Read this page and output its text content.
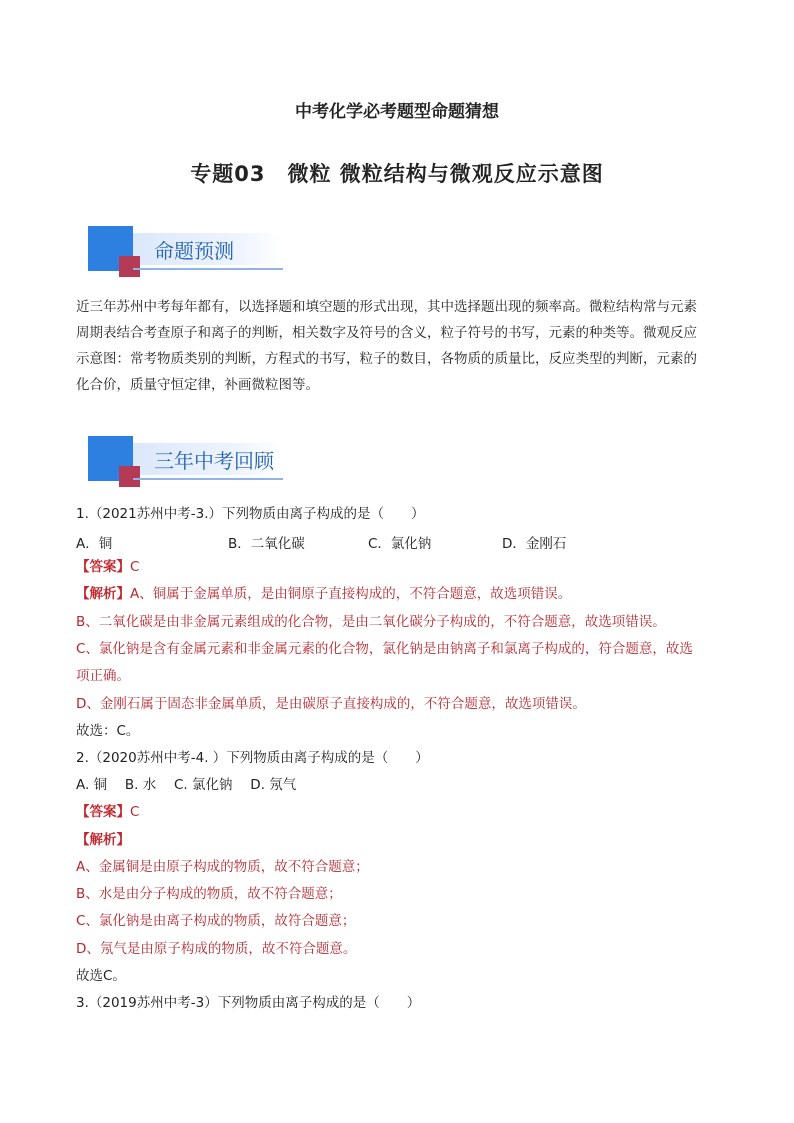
中考化学必考题型命题猜想
专题03　微粒 微粒结构与微观反应示意图
命题预测
近三年苏州中考每年都有，以选择题和填空题的形式出现，其中选择题出现的频率高。微粒结构常与元素
周期表结合考查原子和离子的判断，相关数字及符号的含义，粒子符号的书写，元素的种类等。微观反应
示意图：常考物质类别的判断，方程式的书写，粒子的数目，各物质的质量比，反应类型的判断，元素的
化合价，质量守恒定律，补画微粒图等。
三年中考回顾
1.（2021苏州中考-3.）下列物质由离子构成的是（　　）
A．铜	B．二氧化碳	C．氯化钠	D．金刚石
【答案】C
【解析】A、铜属于金属单质，是由铜原子直接构成的，不符合题意，故选项错误。
B、二氧化碳是由非金属元素组成的化合物，是由二氧化碳分子构成的，不符合题意，故选项错误。
C、氯化钠是含有金属元素和非金属元素的化合物，氯化钠是由钠离子和氯离子构成的，符合题意，故选
项正确。
D、金刚石属于固态非金属单质，是由碳原子直接构成的，不符合题意，故选项错误。
故选：C。
2.（2020苏州中考-4. ）下列物质由离子构成的是（　　）
A. 铜　 B. 水　 C. 氯化钠　 D. 氖气
【答案】C
【解析】
A、金属铜是由原子构成的物质，故不符合题意；
B、水是由分子构成的物质，故不符合题意；
C、氯化钠是由离子构成的物质，故符合题意；
D、氖气是由原子构成的物质，故不符合题意。
故选C。
3.（2019苏州中考-3）下列物质由离子构成的是（　　）
